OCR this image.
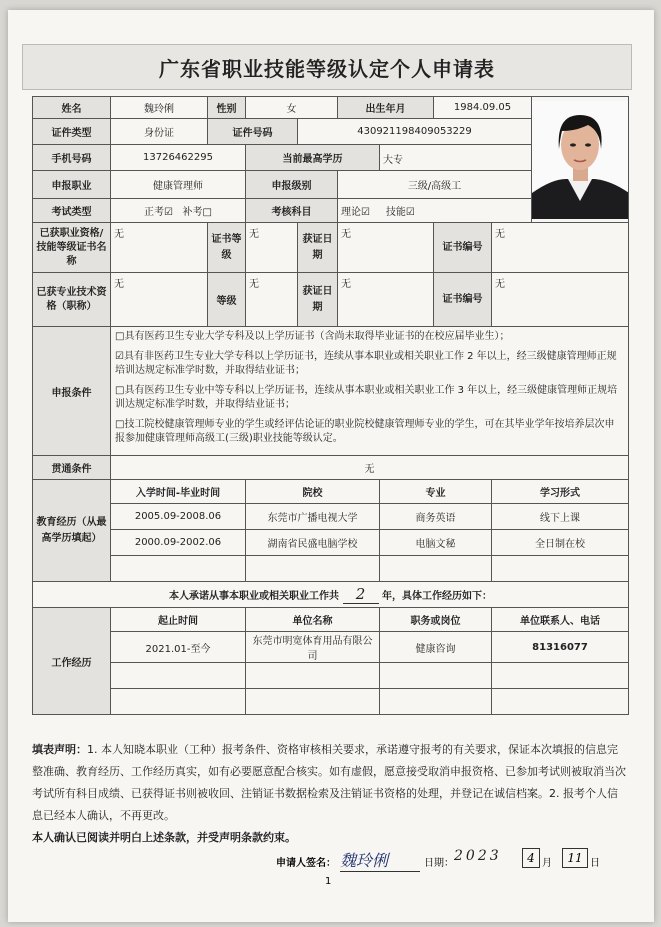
广东省职业技能等级认定个人申请表
姓名	魏玲俐	性别	女		出生年月		1984.09.05	

证件类型	身份证	证件号码		430921198409053229					
手机号码	13726462295		当前最高学历			大专			
申报职业	健康管理师		申报级别		三级/高级工				
考试类型	正考☑ 补考□		考核科目		理论☑ 技能☑				
已获职业资格/技能等级证书名称	无	证书等级	无	获证日期	无		证书编号	无	
已获专业技术资格（职称）	无	等级	无	获证日期	无		证书编号	无	
申报条件	□具有医药卫生专业大学专科及以上学历证书（含尚未取得毕业证书的在校应届毕业生）；

☑具有非医药卫生专业大学专科以上学历证书，连续从事本职业或相关职业工作 2 年以上，经三级健康管理师正规培训达规定标准学时数，并取得结业证书；

□具有医药卫生专业中等专科以上学历证书，连续从事本职业或相关职业工作 3 年以上，经三级健康管理师正规培训达规定标准学时数，并取得结业证书；

□技工院校健康管理师专业的学生或经评估论证的职业院校健康管理师专业的学生，可在其毕业学年按培养层次申报参加健康管理师高级工(三级)职业技能等级认定。								

贯通条件	无								
教育经历（从最高学历填起）	入学时间-毕业时间		院校			专业		学习形式	
	2005.09-2008.06		东莞市广播电视大学			商务英语		线下上课	
	2000.09-2002.06		湖南省民盛电脑学校			电脑文秘		全日制在校	

本人承诺从事本职业或相关职业工作共 2 年，具体工作经历如下：									
工作经历	起止时间		单位名称			职务或岗位		单位联系人、电话	
	2021.01-至今		东莞市明宽体育用品有限公司			健康咨询		81316077	

填表声明：1. 本人知晓本职业（工种）报考条件、资格审核相关要求，承诺遵守报考的有关要求，保证本次填报的信息完整准确、教育经历、工作经历真实，如有必要愿意配合核实。如有虚假，愿意接受取消申报资格、已参加考试则被取消当次考试所有科目成绩、已获得证书则被收回、注销证书数据检索及注销证书资格的处理，并登记在诚信档案。2. 报考个人信息已经本人确认，不再更改。
本人确认已阅读并明白上述条款，并受声明条款约束。
申请人签名： 魏玲俐	日期： 2023	4 月	11 日
1
